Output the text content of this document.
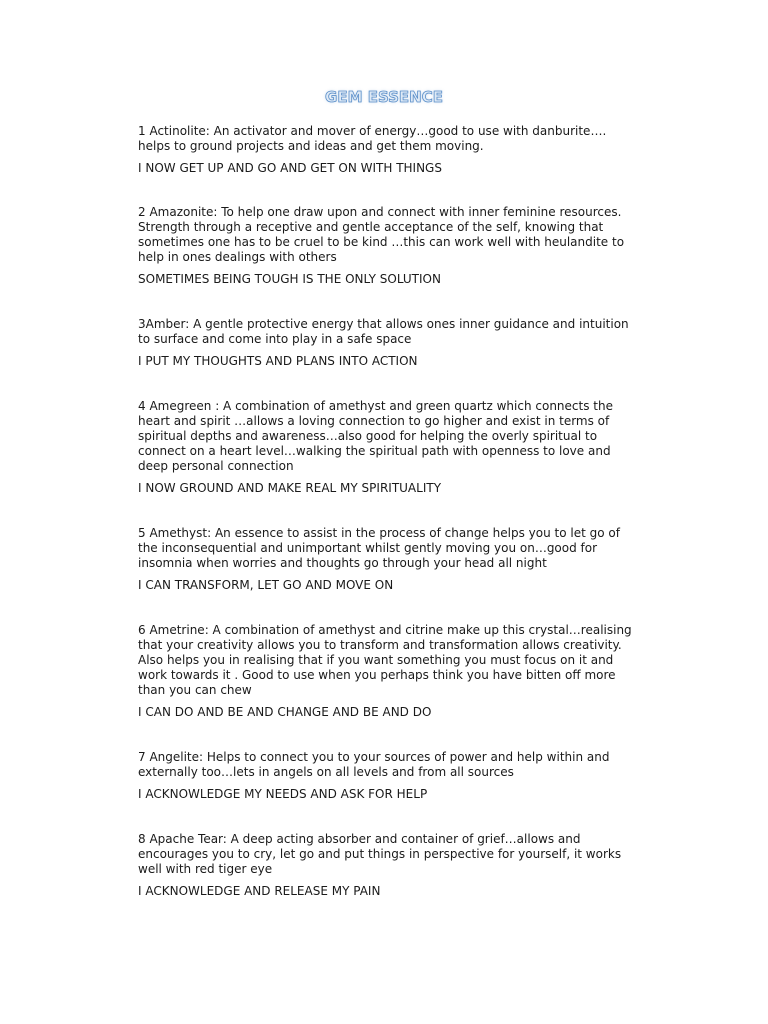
GEM ESSENCE

1 Actinolite: An activator and mover of energy…good to use with danburite…. helps to ground projects and ideas and get them moving.

I NOW GET UP AND GO AND GET ON WITH THINGS

2 Amazonite: To help one draw upon and connect with inner feminine resources. Strength through a receptive and gentle acceptance of the self, knowing that sometimes one has to be cruel to be kind …this can work well with heulandite to help in ones dealings with others

SOMETIMES BEING TOUGH IS THE ONLY SOLUTION

3Amber: A gentle protective energy that allows ones inner guidance and intuition to surface and come into play in a safe space

I PUT MY THOUGHTS AND PLANS INTO ACTION

4 Amegreen : A combination of amethyst and green quartz which connects the heart and spirit …allows a loving connection to go higher and exist in terms of spiritual depths and awareness…also good for helping the overly spiritual to connect on a heart level…walking the spiritual path with openness to love and deep personal connection

I NOW GROUND AND MAKE REAL MY SPIRITUALITY

5 Amethyst: An essence to assist in the process of change helps you to let go of the inconsequential and unimportant whilst gently moving you on…good for insomnia when worries and thoughts go through your head all night

I CAN TRANSFORM, LET GO AND MOVE ON

6 Ametrine: A combination of amethyst and citrine make up this crystal…realising that your creativity allows you to transform and transformation allows creativity. Also helps you in realising that if you want something you must focus on it and work towards it . Good to use when you perhaps think you have bitten off more than you can chew

I CAN DO AND BE AND CHANGE AND BE AND DO

7 Angelite: Helps to connect you to your sources of power and help within and externally too…lets in angels on all levels and from all sources

I ACKNOWLEDGE MY NEEDS AND ASK FOR HELP

8 Apache Tear: A deep acting absorber and container of grief…allows and encourages you to cry, let go and put things in perspective for yourself, it works well with red tiger eye

I ACKNOWLEDGE AND RELEASE MY PAIN
